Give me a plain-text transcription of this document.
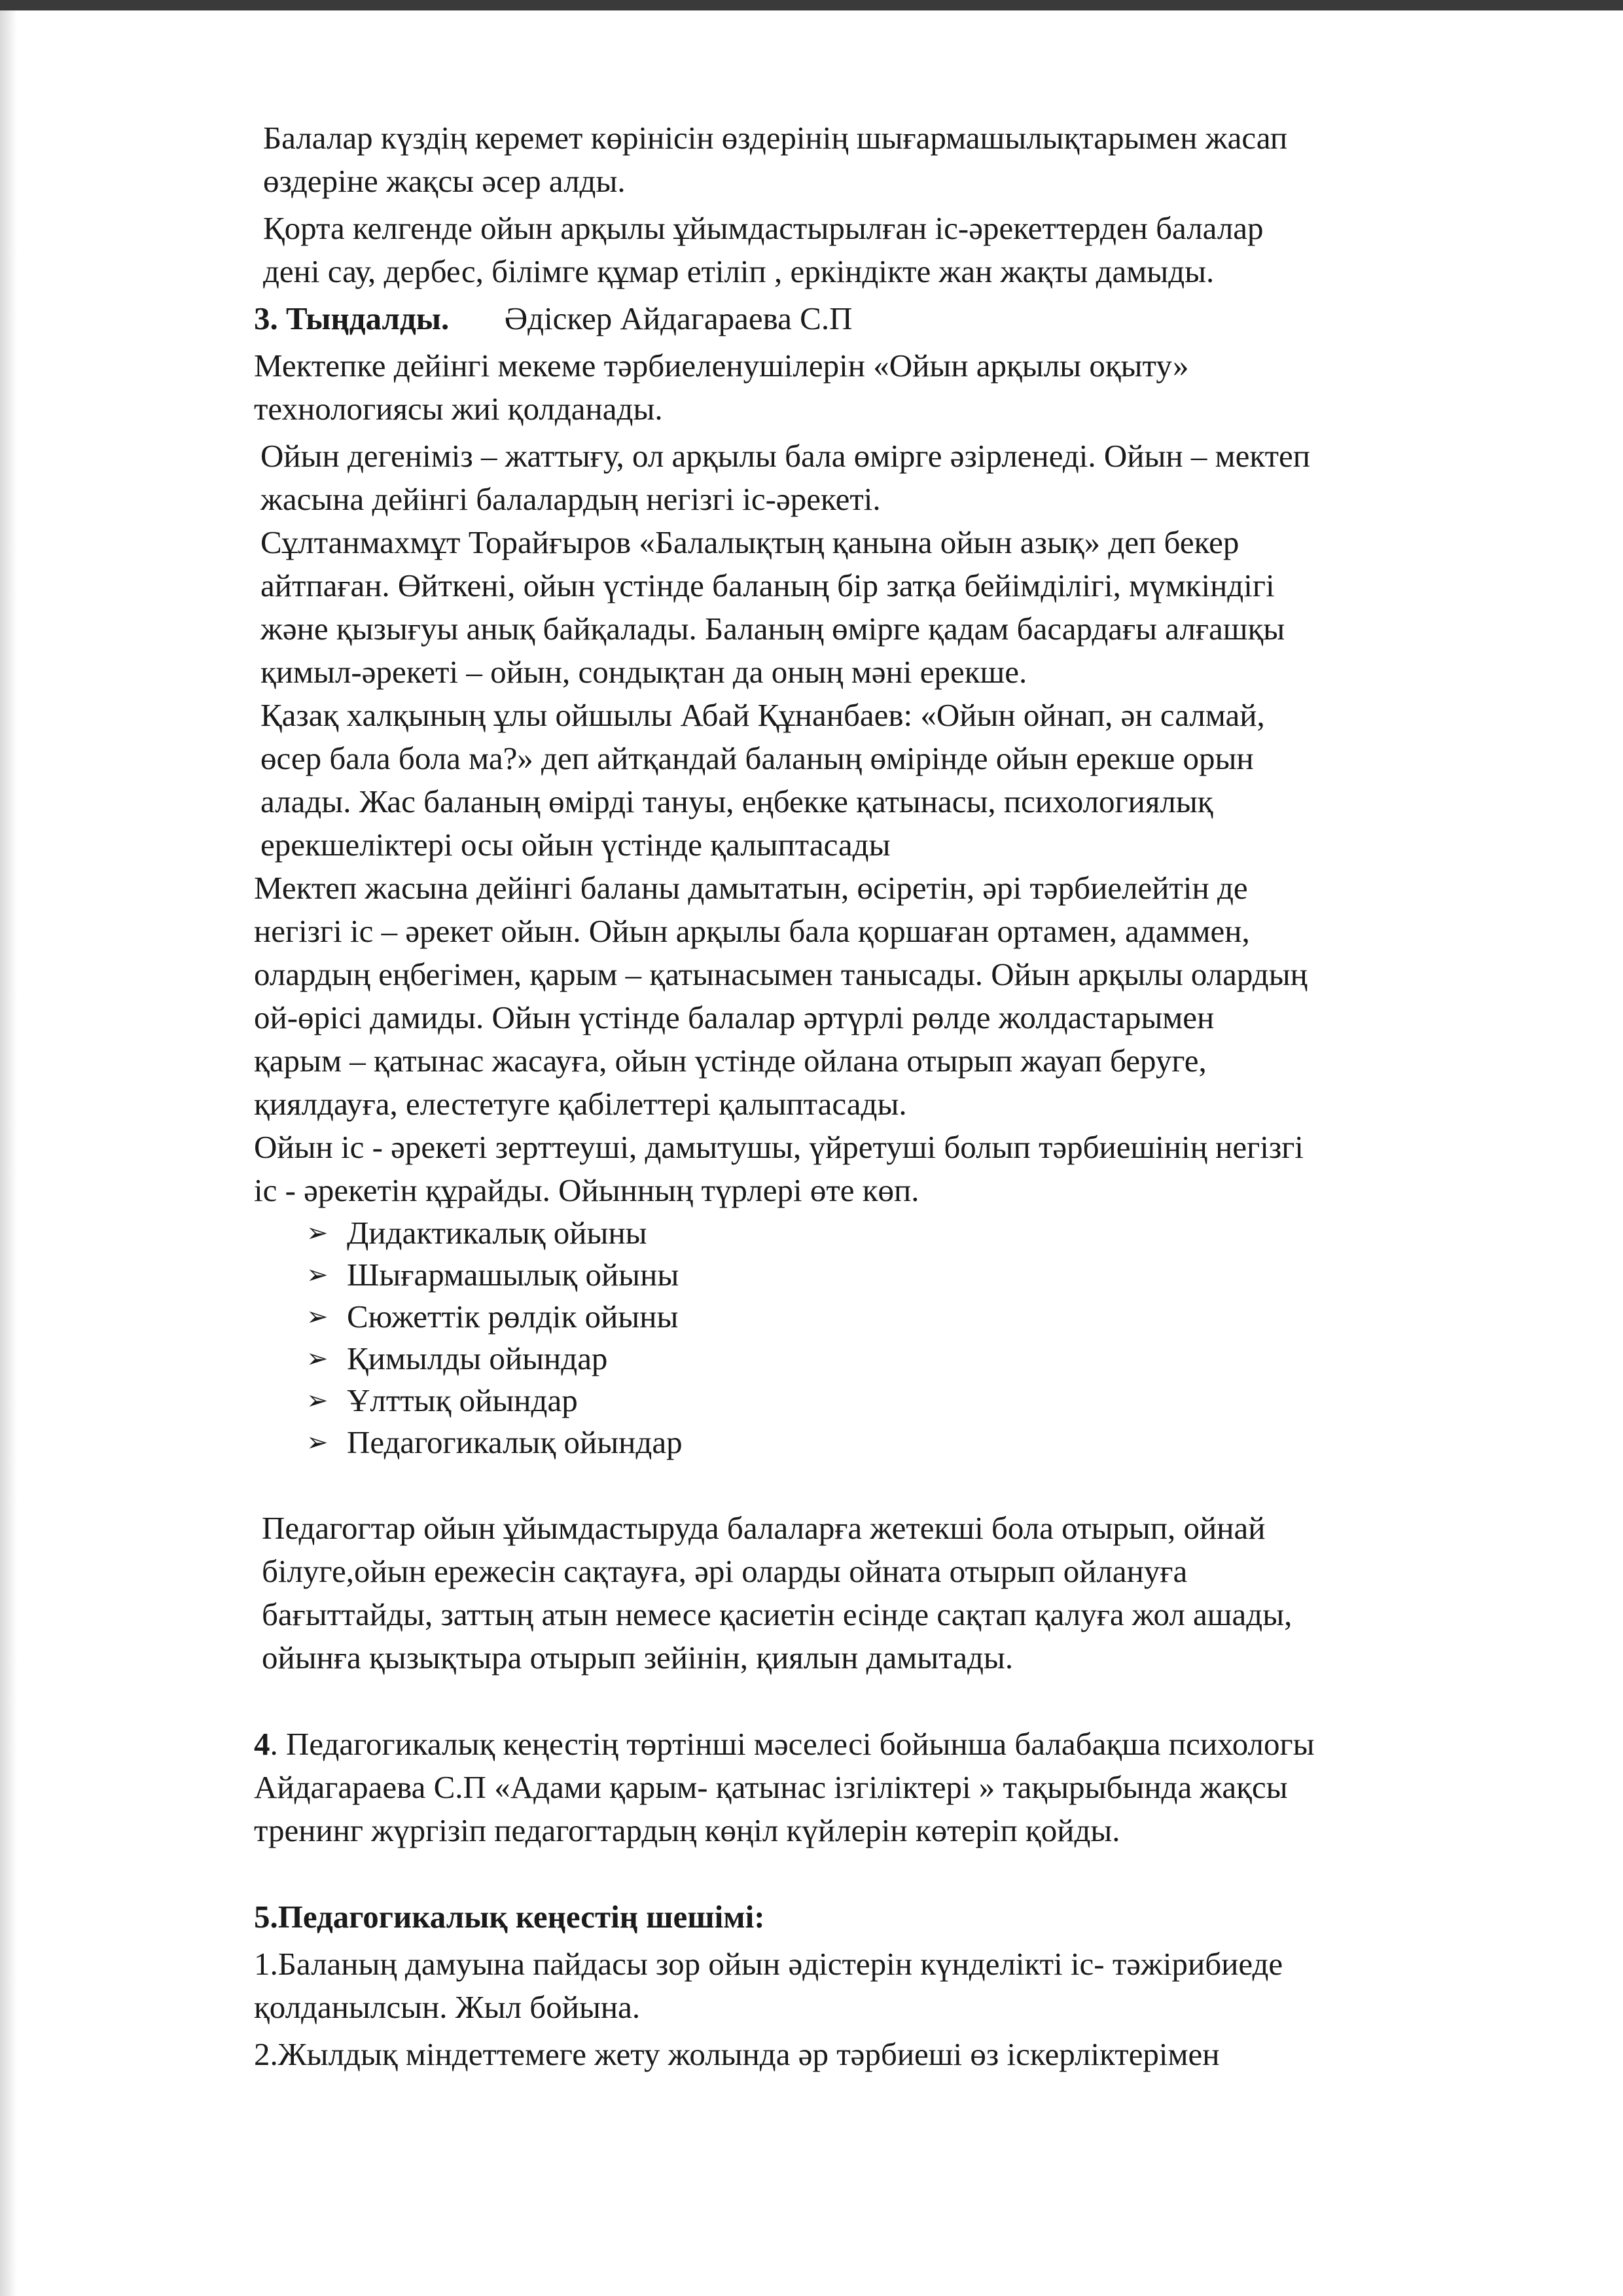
Балалар күздің керемет көрінісін өздерінің шығармашылықтарымен жасап
өздеріне жақсы әсер алды.

Қорта келгенде ойын арқылы ұйымдастырылған іс-әрекеттерден балалар
дені сау, дербес, білімге құмар етіліп , еркіндікте жан жақты дамыды.

3. Тыңдалды. Әдіскер Айдагараева С.П

Мектепке дейінгі мекеме тәрбиеленушілерін «Ойын арқылы оқыту»
технологиясы жиі қолданады.

Ойын дегеніміз – жаттығу, ол арқылы бала өмірге әзірленеді. Ойын – мектеп
жасына дейінгі балалардың негізгі іс-әрекеті.

Сұлтанмахмұт Торайғыров «Балалықтың қанына ойын азық» деп бекер
айтпаған. Өйткені, ойын үстінде баланың бір затқа бейімділігі, мүмкіндігі
және қызығуы анық байқалады. Баланың өмірге қадам басардағы алғашқы
қимыл-әрекеті – ойын, сондықтан да оның мәні ерекше.

Қазақ халқының ұлы ойшылы Абай Құнанбаев: «Ойын ойнап, ән салмай,
өсер бала бола ма?» деп айтқандай баланың өмірінде ойын ерекше орын
алады. Жас баланың өмірді тануы, еңбекке қатынасы, психологиялық
ерекшеліктері осы ойын үстінде қалыптасады

Мектеп жасына дейінгі баланы дамытатын, өсіретін, әрі тәрбиелейтін де
негізгі іс – әрекет ойын. Ойын арқылы бала қоршаған ортамен, адаммен,
олардың еңбегімен, қарым – қатынасымен танысады. Ойын арқылы олардың
ой-өрісі дамиды. Ойын үстінде балалар әртүрлі рөлде жолдастарымен
қарым – қатынас жасауға, ойын үстінде ойлана отырып жауап беруге,
қиялдауға, елестетуге қабілеттері қалыптасады.

Ойын іс - әрекеті зерттеуші, дамытушы, үйретуші болып тәрбиешінің негізгі
іс - әрекетін құрайды. Ойынның түрлері өте көп.

➢ Дидактикалық ойыны
➢ Шығармашылық ойыны
➢ Сюжеттік рөлдік ойыны
➢ Қимылды ойындар
➢ Ұлттық ойындар
➢ Педагогикалық ойындар

Педагогтар ойын ұйымдастыруда балаларға жетекші бола отырып, ойнай
білуге,ойын ережесін сақтауға, әрі оларды ойната отырып ойлануға
бағыттайды, заттың атын немесе қасиетін есінде сақтап қалуға жол ашады,
ойынға қызықтыра отырып зейінін, қиялын дамытады.

4. Педагогикалық кеңестің төртінші мәселесі бойынша балабақша психологы
Айдагараева С.П «Адами қарым- қатынас ізгіліктері » тақырыбында жақсы
тренинг жүргізіп педагогтардың көңіл күйлерін көтеріп қойды.

5.Педагогикалық кеңестің шешімі:

1.Баланың дамуына пайдасы зор ойын әдістерін күнделікті іс- тәжірибиеде
қолданылсын. Жыл бойына.

2.Жылдық міндеттемеге жету жолында әр тәрбиеші өз іскерліктерімен
